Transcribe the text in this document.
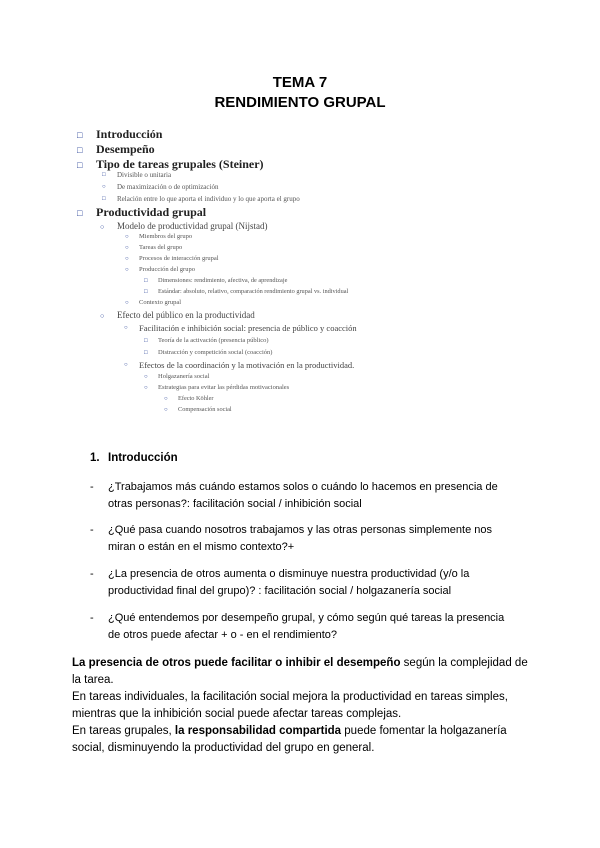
TEMA 7
RENDIMIENTO GRUPAL
□ Introducción
□ Desempeño
□ Tipo de tareas grupales (Steiner)
□ Divisible o unitaria
○ De maximización o de optimización
□ Relación entre lo que aporta el individuo y lo que aporta el grupo
□ Productividad grupal
○ Modelo de productividad grupal (Nijstad)
○ Miembros del grupo
○ Tareas del grupo
○ Procesos de interacción grupal
○ Producción del grupo
□ Dimensiones: rendimiento, afectiva, de aprendizaje
□ Estándar: absoluto, relativo, comparación rendimiento grupal vs. individual
○ Contexto grupal
○ Efecto del público en la productividad
○ Facilitación e inhibición social: presencia de público y coacción
□ Teoría de la activación (presencia público)
□ Distracción y competición social (coacción)
○ Efectos de la coordinación y la motivación en la productividad.
○ Holgazanería social
○ Estrategias para evitar las pérdidas motivacionales
○ Efecto Köhler
○ Compensación social
1. Introducción
- ¿Trabajamos más cuándo estamos solos o cuándo lo hacemos en presencia de otras personas?: facilitación social / inhibición social
- ¿Qué pasa cuando nosotros trabajamos y las otras personas simplemente nos miran o están en el mismo contexto?+
- ¿La presencia de otros aumenta o disminuye nuestra productividad (y/o la productividad final del grupo)? : facilitación social / holgazanería social
- ¿Qué entendemos por desempeño grupal, y cómo según qué tareas la presencia de otros puede afectar + o - en el rendimiento?
La presencia de otros puede facilitar o inhibir el desempeño según la complejidad de la tarea.
En tareas individuales, la facilitación social mejora la productividad en tareas simples, mientras que la inhibición social puede afectar tareas complejas.
En tareas grupales, la responsabilidad compartida puede fomentar la holgazanería social, disminuyendo la productividad del grupo en general.
